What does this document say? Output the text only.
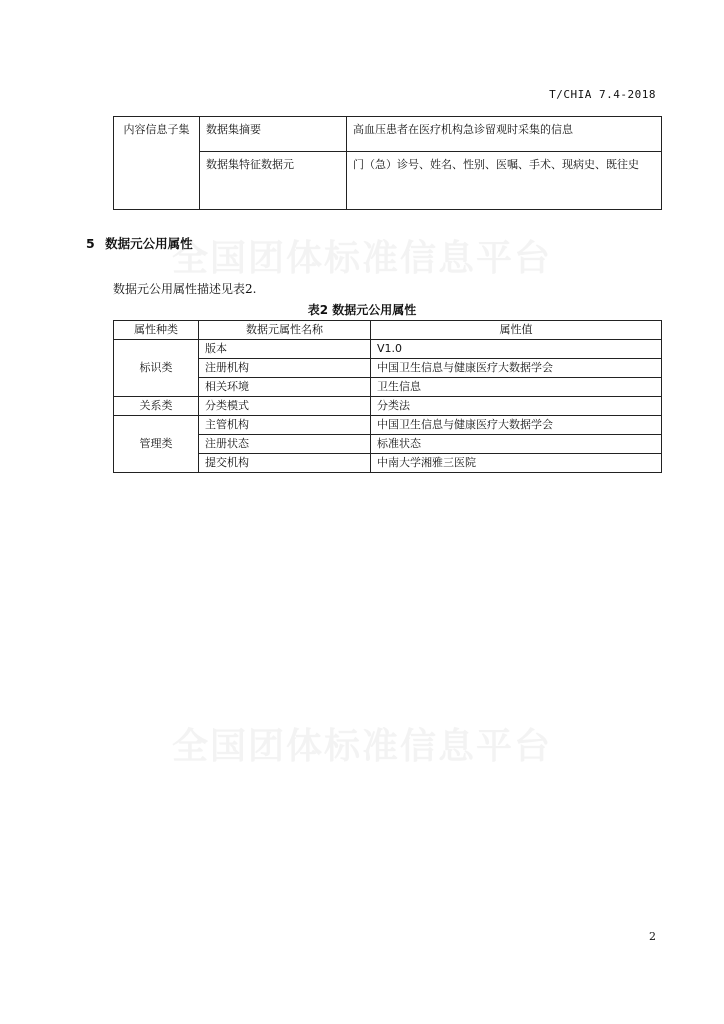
T/CHIA 7.4-2018
全国团体标准信息平台
全国团体标准信息平台
内容信息子集	数据集摘要	高血压患者在医疗机构急诊留观时采集的信息
	数据集特征数据元	门（急）诊号、姓名、性别、医嘱、手术、现病史、既往史
5 数据元公用属性
数据元公用属性描述见表2.
表2 数据元公用属性
属性种类	数据元属性名称	属性值
标识类	版本	V1.0
	注册机构	中国卫生信息与健康医疗大数据学会
	相关环境	卫生信息
关系类	分类模式	分类法
管理类	主管机构	中国卫生信息与健康医疗大数据学会
	注册状态	标准状态
	提交机构	中南大学湘雅三医院
2
